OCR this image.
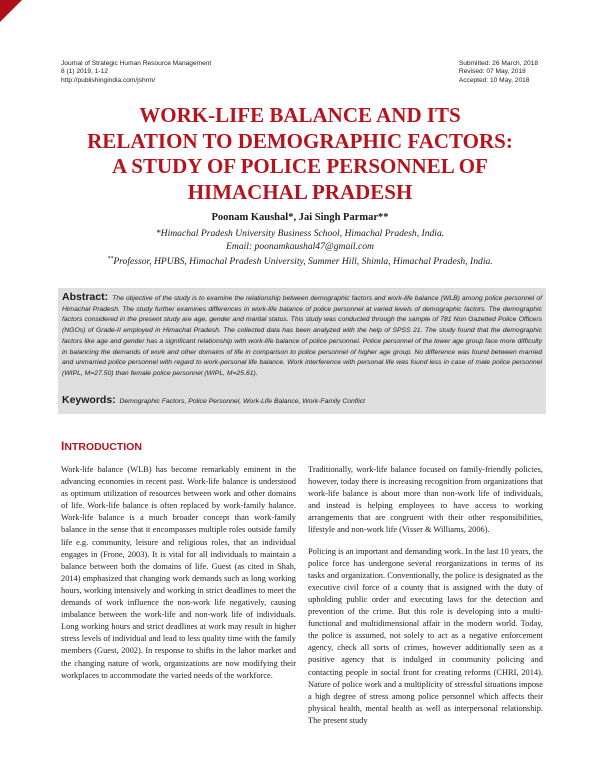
Journal of Strategic Human Resource Management
8 (1) 2019, 1-12
http://publishingindia.com/jshrm/
Submitted: 26 March, 2018
Revised: 07 May, 2018
Accepted: 10 May, 2018
WORK-LIFE BALANCE AND ITS
RELATION TO DEMOGRAPHIC FACTORS:
A STUDY OF POLICE PERSONNEL OF
HIMACHAL PRADESH
Poonam Kaushal*, Jai Singh Parmar**
*Himachal Pradesh University Business School, Himachal Pradesh, India.
Email: poonamkaushal47@gmail.com
**Professor, HPUBS, Himachal Pradesh University, Summer Hill, Shimla, Himachal Pradesh, India.
Abstract: The objective of the study is to examine the relationship between demographic factors and work-life balance (WLB) among police personnel of Himachal Pradesh. The study further examines differences in work-life balance of police personnel at varied levels of demographic factors. The demographic factors considered in the present study are age, gender and marital status. This study was conducted through the sample of 781 Non Gazetted Police Officers (NGOs) of Grade-II employed in Himachal Pradesh. The collected data has been analyzed with the help of SPSS 21. The study found that the demographic factors like age and gender has a significant relationship with work-life balance of police personnel. Police personnel of the lower age group face more difficulty in balancing the demands of work and other domains of life in comparison to police personnel of higher age group. No difference was found between married and unmarried police personnel with regard to work-personal life balance. Work interference with personal life was found less in case of male police personnel (WIPL, M=27.50) than female police personnel (WIPL, M=25.61).
Keywords: Demographic Factors, Police Personnel, Work-Life Balance, Work-Family Conflict
INTRODUCTION

Work-life balance (WLB) has become remarkably eminent in the advancing economies in recent past. Work-life balance is understood as optimum utilization of resources between work and other domains of life. Work-life balance is often replaced by work-family balance. Work-life balance is a much broader concept than work-family balance in the sense that it encompasses multiple roles outside family life e.g. community, leisure and religious roles, that an individual engages in (Frone, 2003). It is vital for all individuals to maintain a balance between both the domains of life. Guest (as cited in Shah, 2014) emphasized that changing work demands such as long working hours, working intensively and working in strict deadlines to meet the demands of work influence the non-work life negatively, causing imbalance between the work-life and non-work life of individuals. Long working hours and strict deadlines at work may result in higher stress levels of individual and lead to less quality time with the family members (Guest, 2002). In response to shifts in the labor market and the changing nature of work, organizations are now modifying their workplaces to accommodate the varied needs of the workforce.

Traditionally, work-life balance focused on family-friendly policies, however, today there is increasing recognition from organizations that work-life balance is about more than non-work life of individuals, and instead is helping employees to have access to working arrangements that are congruent with their other responsibilities, lifestyle and non-work life (Visser & Williams, 2006).

Policing is an important and demanding work. In the last 10 years, the police force has undergone several reorganizations in terms of its tasks and organization. Conventionally, the police is designated as the executive civil force of a county that is assigned with the duty of upholding public order and executing laws for the detection and prevention of the crime. But this role is developing into a multi-functional and multidimensional affair in the modern world. Today, the police is assumed, not solely to act as a negative enforcement agency, check all sorts of crimes, however additionally seen as a positive agency that is indulged in community policing and contacting people in social front for creating reforms (CHRI, 2014). Nature of police work and a multiplicity of stressful situations impose a high degree of stress among police personnel which affects their physical health, mental health as well as interpersonal relationship. The present study
